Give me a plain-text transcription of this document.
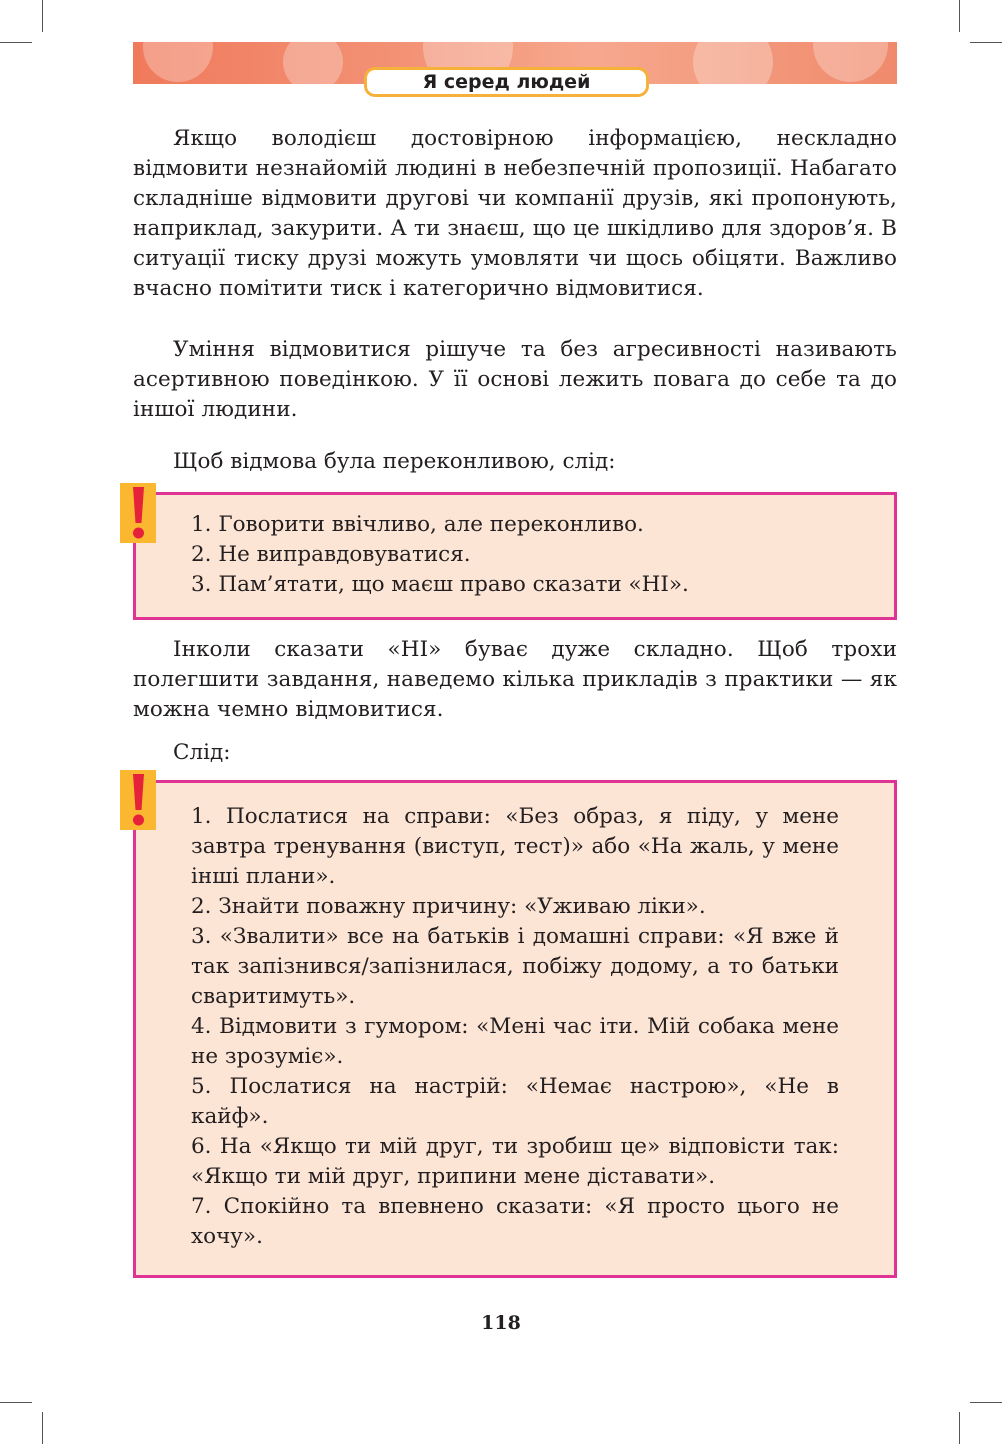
Я серед людей

Якщо володієш достовірною інформацією, нескладно відмовити незнайомій людині в небезпечній пропозиції. Набагато складніше відмовити другові чи компанії друзів, які пропонують, наприклад, закурити. А ти знаєш, що це шкідливо для здоров’я. В ситуації тиску друзі можуть умовляти чи щось обіцяти. Важливо вчасно помітити тиск і категорично відмовитися.

Уміння відмовитися рішуче та без агресивності називають асертивною поведінкою. У її основі лежить повага до себе та до іншої людини.

Щоб відмова була переконливою, слід:

1. Говорити ввічливо, але переконливо.
2. Не виправдовуватися.
3. Пам’ятати, що маєш право сказати «НІ».

Інколи сказати «НІ» буває дуже складно. Щоб трохи полегшити завдання, наведемо кілька прикладів з практики — як можна чемно відмовитися.

Слід:

1. Послатися на справи: «Без образ, я піду, у мене завтра тренування (виступ, тест)» або «На жаль, у мене інші плани».
2. Знайти поважну причину: «Уживаю ліки».
3. «Звалити» все на батьків і домашні справи: «Я вже й так запізнився/запізнилася, побіжу додому, а то батьки сваритимуть».
4. Відмовити з гумором: «Мені час іти. Мій собака мене не зрозуміє».
5. Послатися на настрій: «Немає настрою», «Не в кайф».
6. На «Якщо ти мій друг, ти зробиш це» відповісти так: «Якщо ти мій друг, припини мене діставати».
7. Спокійно та впевнено сказати: «Я просто цього не хочу».
118
